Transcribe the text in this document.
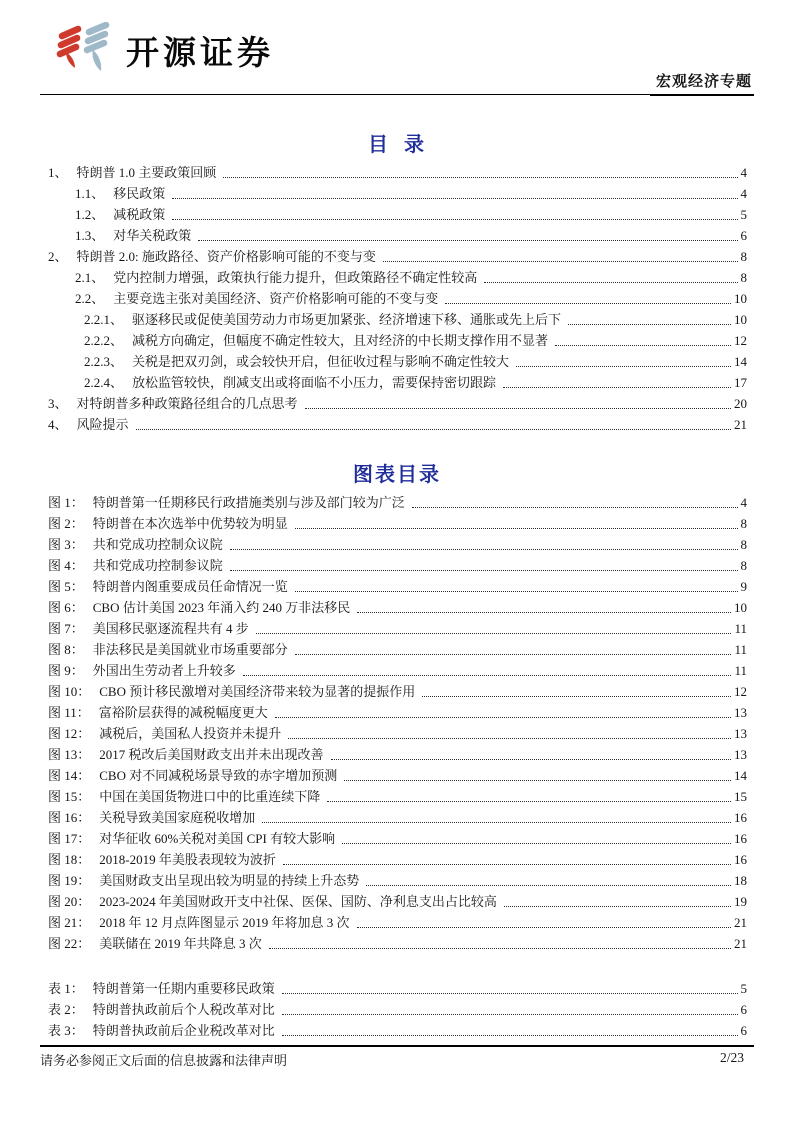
开源证券
宏观经济专题
目  录
1、 特朗普 1.0 主要政策回顾	4
1.1、 移民政策	4
1.2、 减税政策	5
1.3、 对华关税政策	6
2、 特朗普 2.0: 施政路径、资产价格影响可能的不变与变	8
2.1、 党内控制力增强，政策执行能力提升，但政策路径不确定性较高	8
2.2、 主要竞选主张对美国经济、资产价格影响可能的不变与变	10
2.2.1、 驱逐移民或促使美国劳动力市场更加紧张、经济增速下移、通胀或先上后下	10
2.2.2、 减税方向确定，但幅度不确定性较大，且对经济的中长期支撑作用不显著	12
2.2.3、 关税是把双刃剑，或会较快开启，但征收过程与影响不确定性较大	14
2.2.4、 放松监管较快，削减支出或将面临不小压力，需要保持密切跟踪	17
3、 对特朗普多种政策路径组合的几点思考	20
4、 风险提示	21
图表目录
图 1： 特朗普第一任期移民行政措施类别与涉及部门较为广泛	4
图 2： 特朗普在本次选举中优势较为明显	8
图 3： 共和党成功控制众议院	8
图 4： 共和党成功控制参议院	8
图 5： 特朗普内阁重要成员任命情况一览	9
图 6： CBO 估计美国 2023 年涌入约 240 万非法移民	10
图 7： 美国移民驱逐流程共有 4 步	11
图 8： 非法移民是美国就业市场重要部分	11
图 9： 外国出生劳动者上升较多	11
图 10： CBO 预计移民激增对美国经济带来较为显著的提振作用	12
图 11： 富裕阶层获得的减税幅度更大	13
图 12： 减税后，美国私人投资并未提升	13
图 13： 2017 税改后美国财政支出并未出现改善	13
图 14： CBO 对不同减税场景导致的赤字增加预测	14
图 15： 中国在美国货物进口中的比重连续下降	15
图 16： 关税导致美国家庭税收增加	16
图 17： 对华征收 60%关税对美国 CPI 有较大影响	16
图 18： 2018-2019 年美股表现较为波折	16
图 19： 美国财政支出呈现出较为明显的持续上升态势	18
图 20： 2023-2024 年美国财政开支中社保、医保、国防、净利息支出占比较高	19
图 21： 2018 年 12 月点阵图显示 2019 年将加息 3 次	21
图 22： 美联储在 2019 年共降息 3 次	21
表 1： 特朗普第一任期内重要移民政策	5
表 2： 特朗普执政前后个人税改革对比	6
表 3： 特朗普执政前后企业税改革对比	6
请务必参阅正文后面的信息披露和法律声明	2/23
